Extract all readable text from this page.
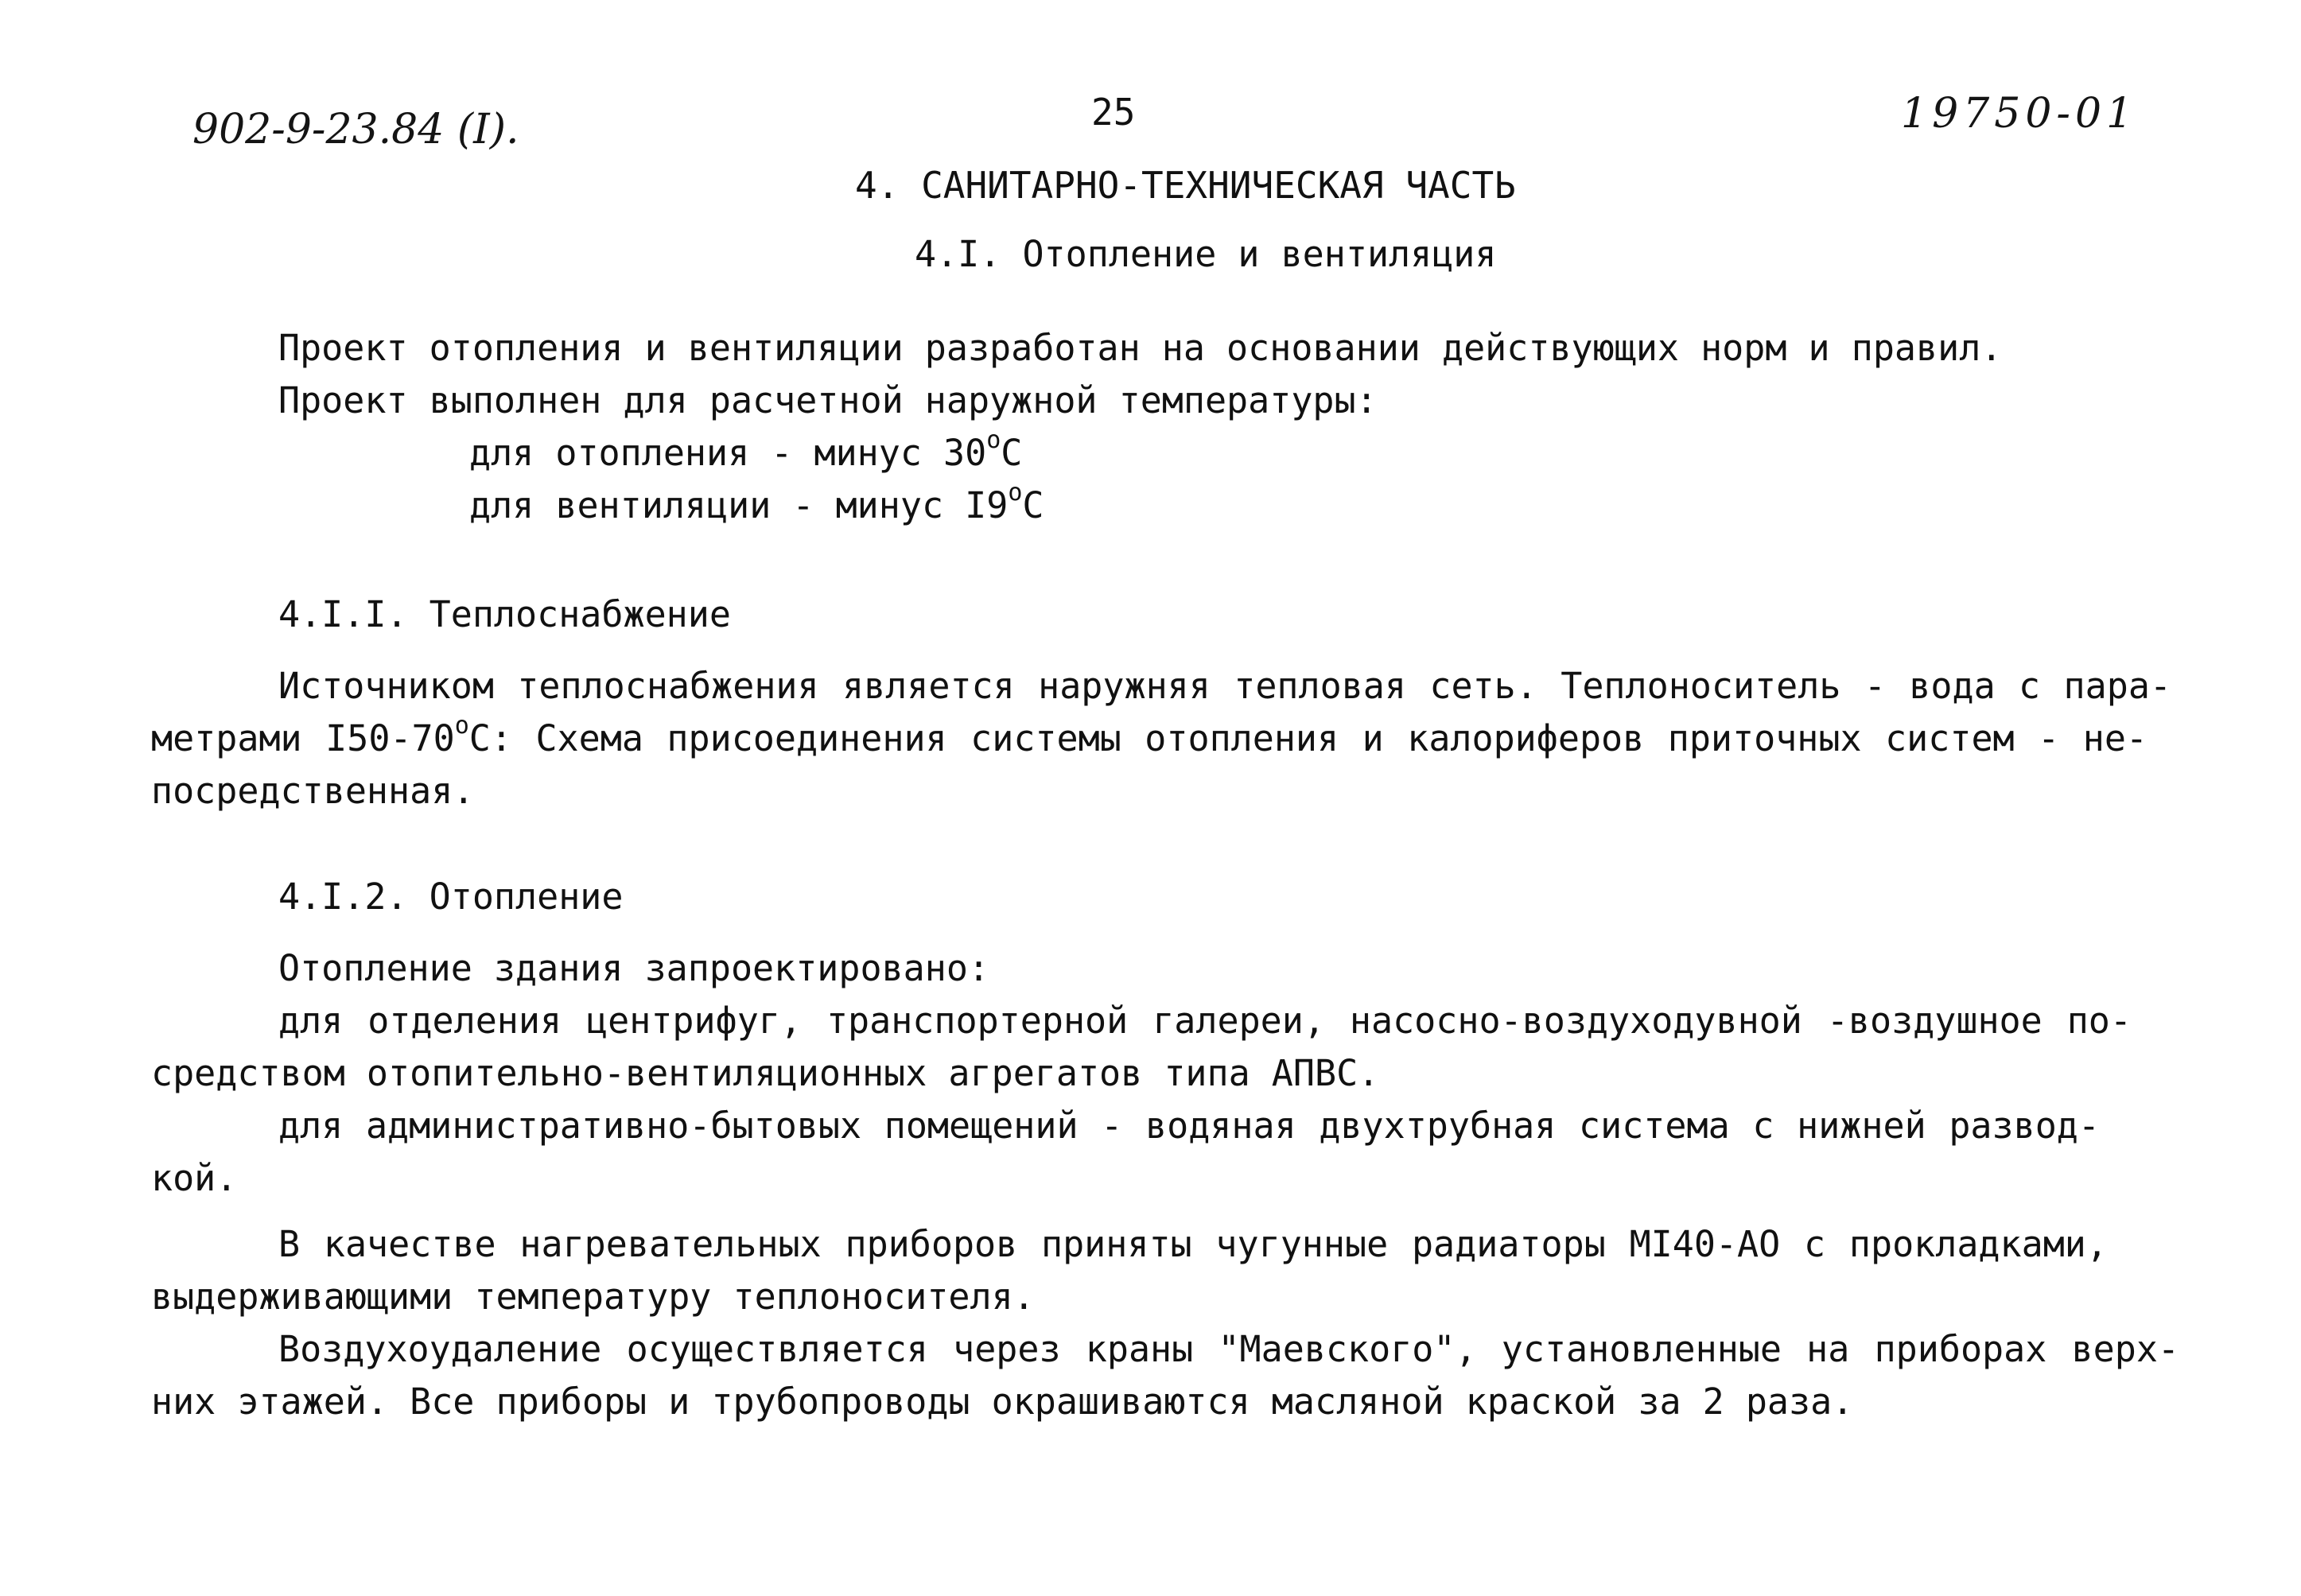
902-9-23.84 (I).	25	19750-01
4. САНИТАРНО-ТЕХНИЧЕСКАЯ ЧАСТЬ
4.I. Отопление и вентиляция
Проект отопления и вентиляции разработан на основании действующих норм и правил.
Проект выполнен для расчетной наружной температуры:
для отопления - минус 30$^o$C
для вентиляции - минус I9$^o$C
4.I.I. Теплоснабжение
Источником теплоснабжения является наружняя тепловая сеть. Теплоноситель - вода с пара-
метрами I50-70$^o$C: Схема присоединения системы отопления и калориферов приточных систем - не-
посредственная.
4.I.2. Отопление
Отопление здания запроектировано:
для отделения центрифуг, транспортерной галереи, насосно-воздуходувной -воздушное по-
средством отопительно-вентиляционных агрегатов типа АПВС.
для административно-бытовых помещений - водяная двухтрубная система с нижней развод-
кой.
В качестве нагревательных приборов приняты чугунные радиаторы МI40-АО с прокладками,
выдерживающими температуру теплоносителя.
Воздухоудаление осуществляется через краны "Маевского", установленные на приборах верх-
них этажей. Все приборы и трубопроводы окрашиваются масляной краской за 2 раза.
